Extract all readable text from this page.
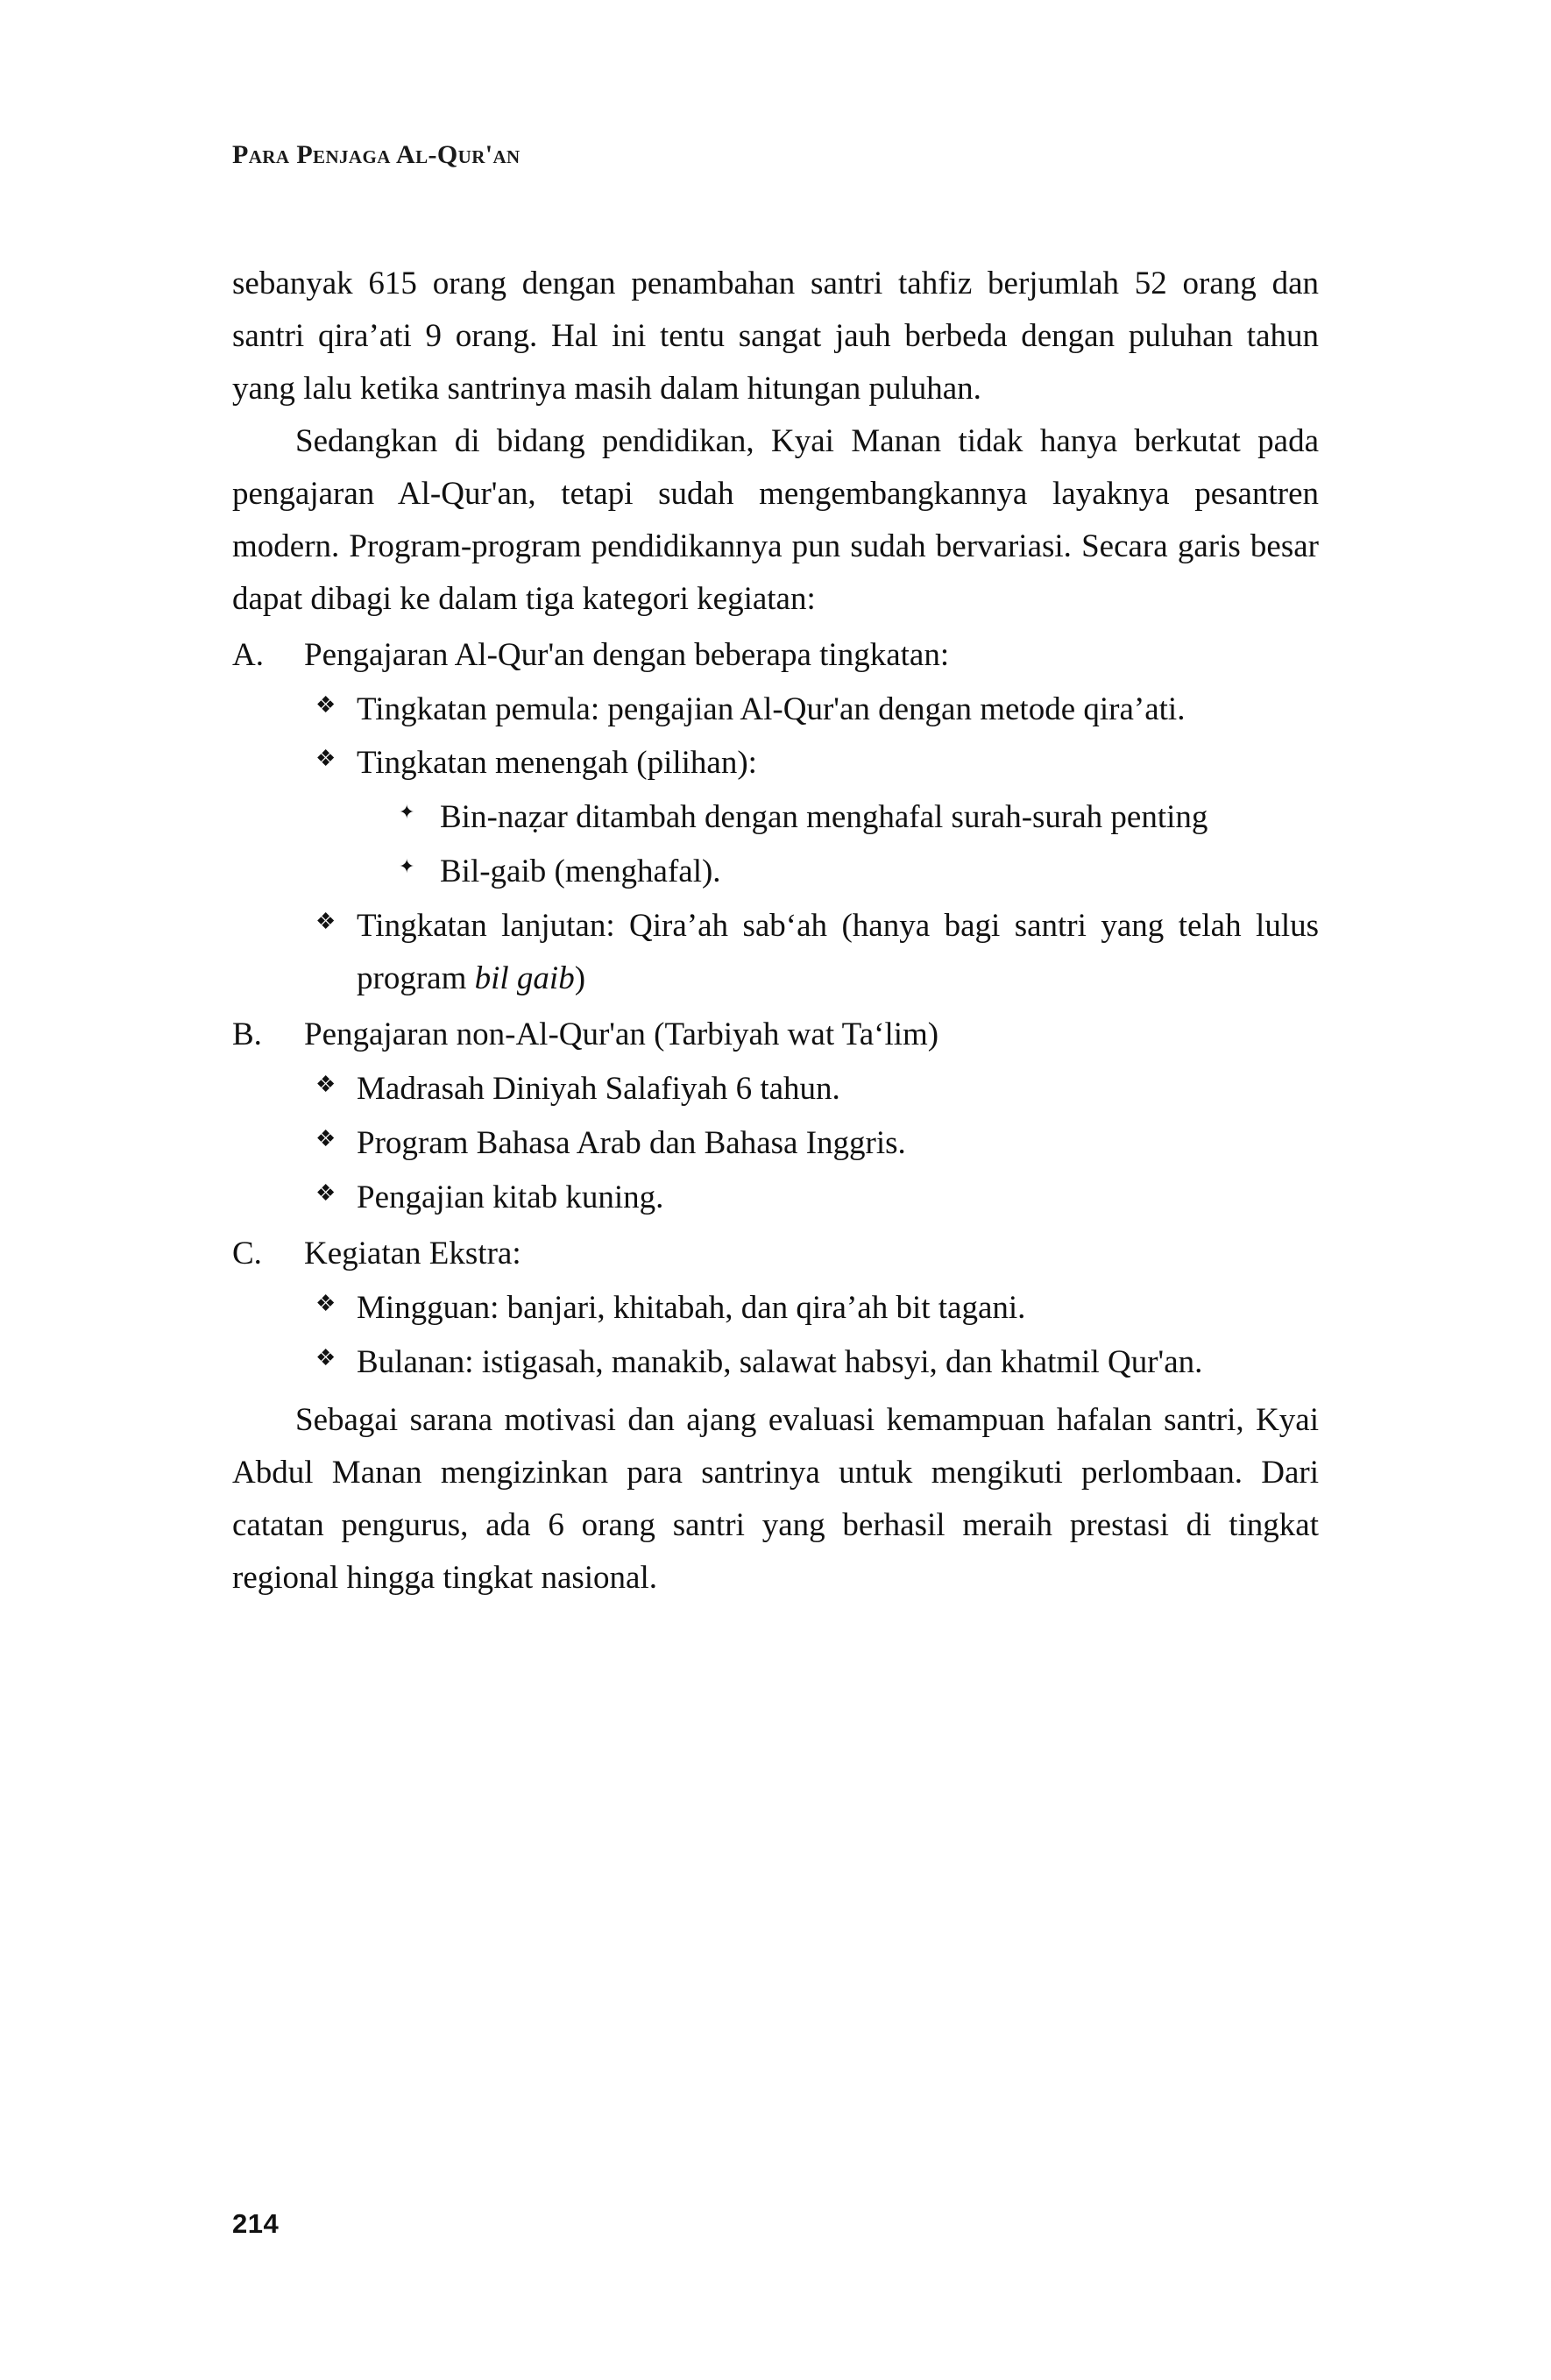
Para Penjaga Al-Qur'an

sebanyak 615 orang dengan penambahan santri tahfiz berjumlah 52 orang dan santri qira’ati 9 orang. Hal ini tentu sangat jauh berbeda dengan puluhan tahun yang lalu ketika santrinya masih dalam hitungan puluhan.

Sedangkan di bidang pendidikan, Kyai Manan tidak hanya berkutat pada pengajaran Al-Qur'an, tetapi sudah mengembangkannya layaknya pesantren modern. Program-program pendidikannya pun sudah bervariasi. Secara garis besar dapat dibagi ke dalam tiga kategori kegiatan:

A.	Pengajaran Al-Qur'an dengan beberapa tingkatan:
❖ Tingkatan pemula: pengajian Al-Qur'an dengan metode qira’ati.
❖ Tingkatan menengah (pilihan):
✦ Bin-naẓar ditambah dengan menghafal surah-surah penting
✦ Bil-gaib (menghafal).
❖ Tingkatan lanjutan: Qira’ah sab‘ah (hanya bagi santri yang telah lulus program bil gaib)
B.	Pengajaran non-Al-Qur'an (Tarbiyah wat Ta‘lim)
❖ Madrasah Diniyah Salafiyah 6 tahun.
❖ Program Bahasa Arab dan Bahasa Inggris.
❖ Pengajian kitab kuning.
C.	Kegiatan Ekstra:
❖ Mingguan: banjari, khitabah, dan qira’ah bit tagani.
❖ Bulanan: istigasah, manakib, salawat habsyi, dan khatmil Qur'an.

Sebagai sarana motivasi dan ajang evaluasi kemampuan hafalan santri, Kyai Abdul Manan mengizinkan para santrinya untuk mengikuti perlombaan. Dari catatan pengurus, ada 6 orang santri yang berhasil meraih prestasi di tingkat regional hingga tingkat nasional.

214
